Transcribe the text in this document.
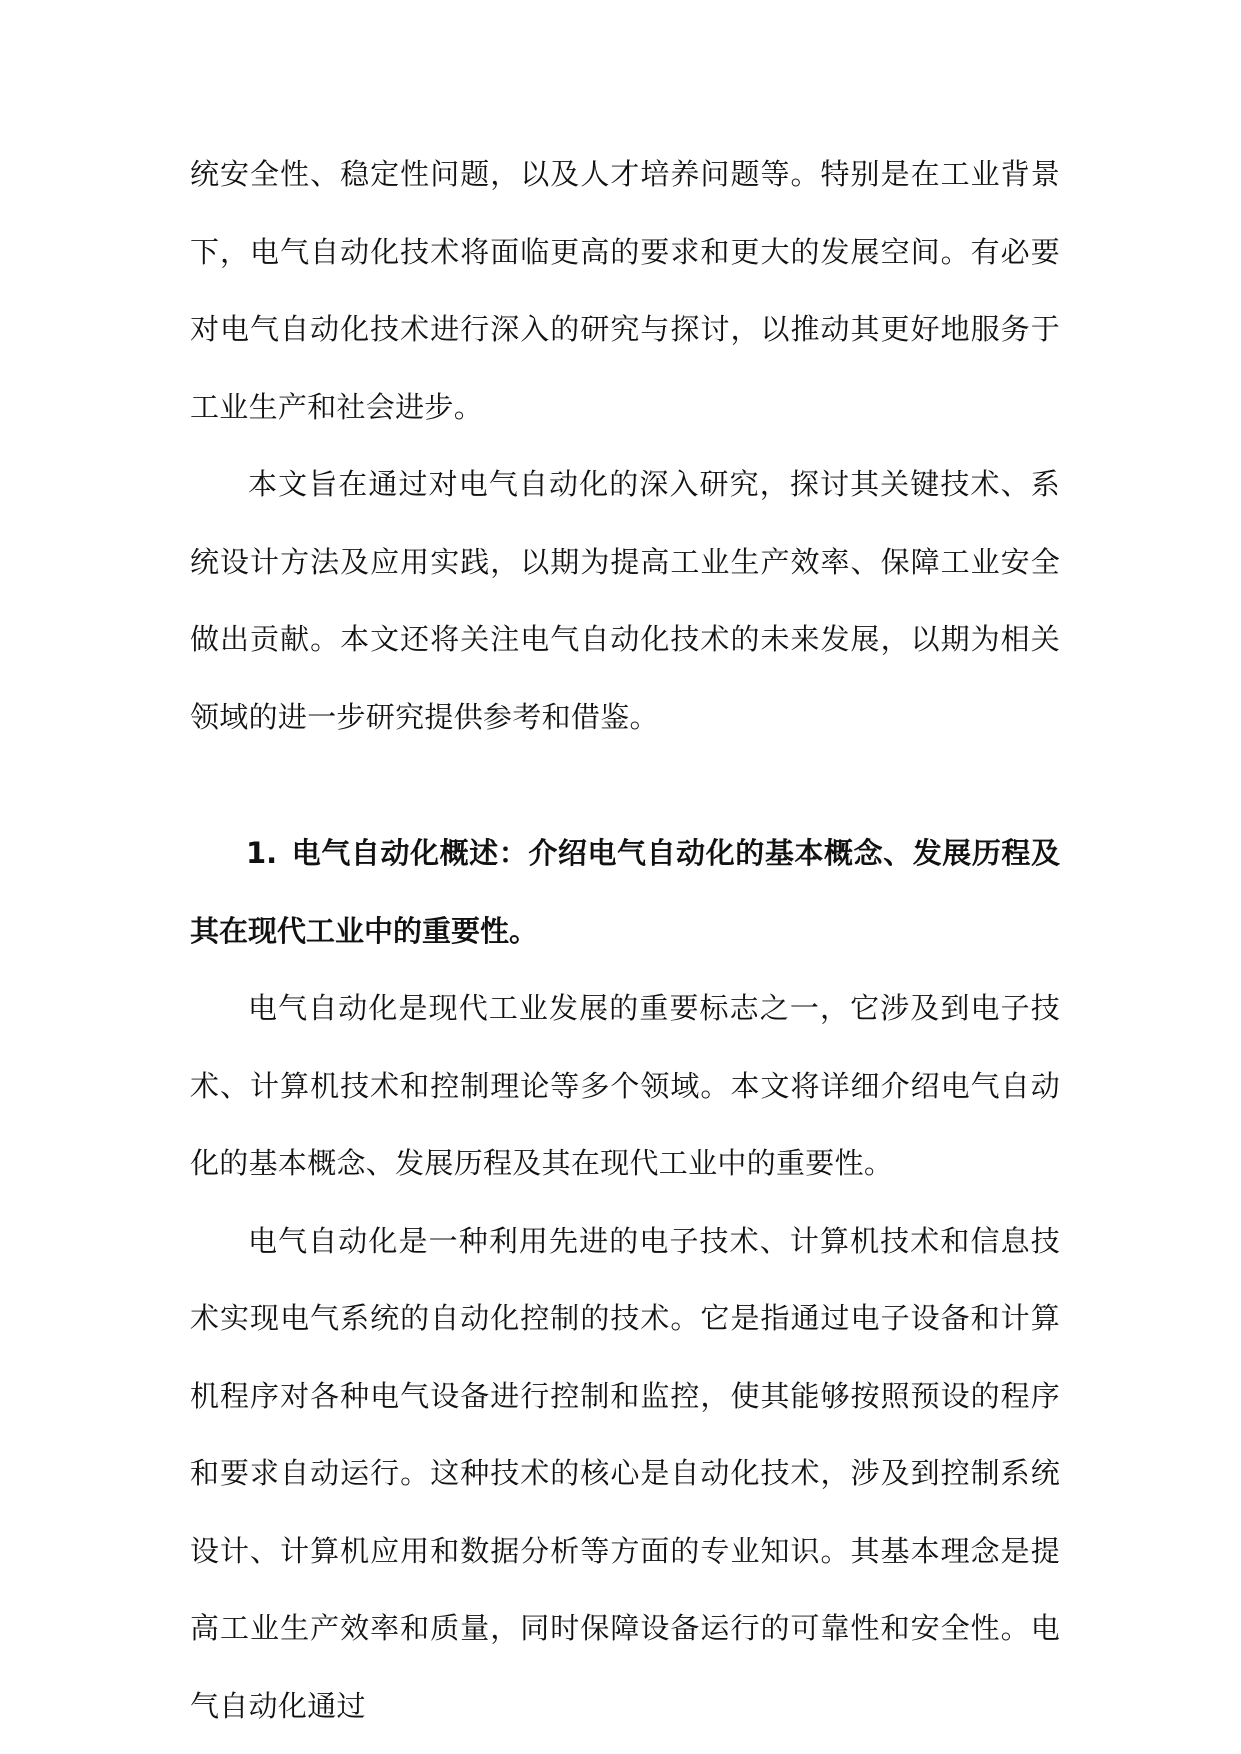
统安全性、稳定性问题，以及人才培养问题等。特别是在工业背景下，电气自动化技术将面临更高的要求和更大的发展空间。有必要对电气自动化技术进行深入的研究与探讨，以推动其更好地服务于工业生产和社会进步。

本文旨在通过对电气自动化的深入研究，探讨其关键技术、系统设计方法及应用实践，以期为提高工业生产效率、保障工业安全做出贡献。本文还将关注电气自动化技术的未来发展，以期为相关领域的进一步研究提供参考和借鉴。

1. 电气自动化概述：介绍电气自动化的基本概念、发展历程及其在现代工业中的重要性。

电气自动化是现代工业发展的重要标志之一，它涉及到电子技术、计算机技术和控制理论等多个领域。本文将详细介绍电气自动化的基本概念、发展历程及其在现代工业中的重要性。

电气自动化是一种利用先进的电子技术、计算机技术和信息技术实现电气系统的自动化控制的技术。它是指通过电子设备和计算机程序对各种电气设备进行控制和监控，使其能够按照预设的程序和要求自动运行。这种技术的核心是自动化技术，涉及到控制系统设计、计算机应用和数据分析等方面的专业知识。其基本理念是提高工业生产效率和质量，同时保障设备运行的可靠性和安全性。电气自动化通过
